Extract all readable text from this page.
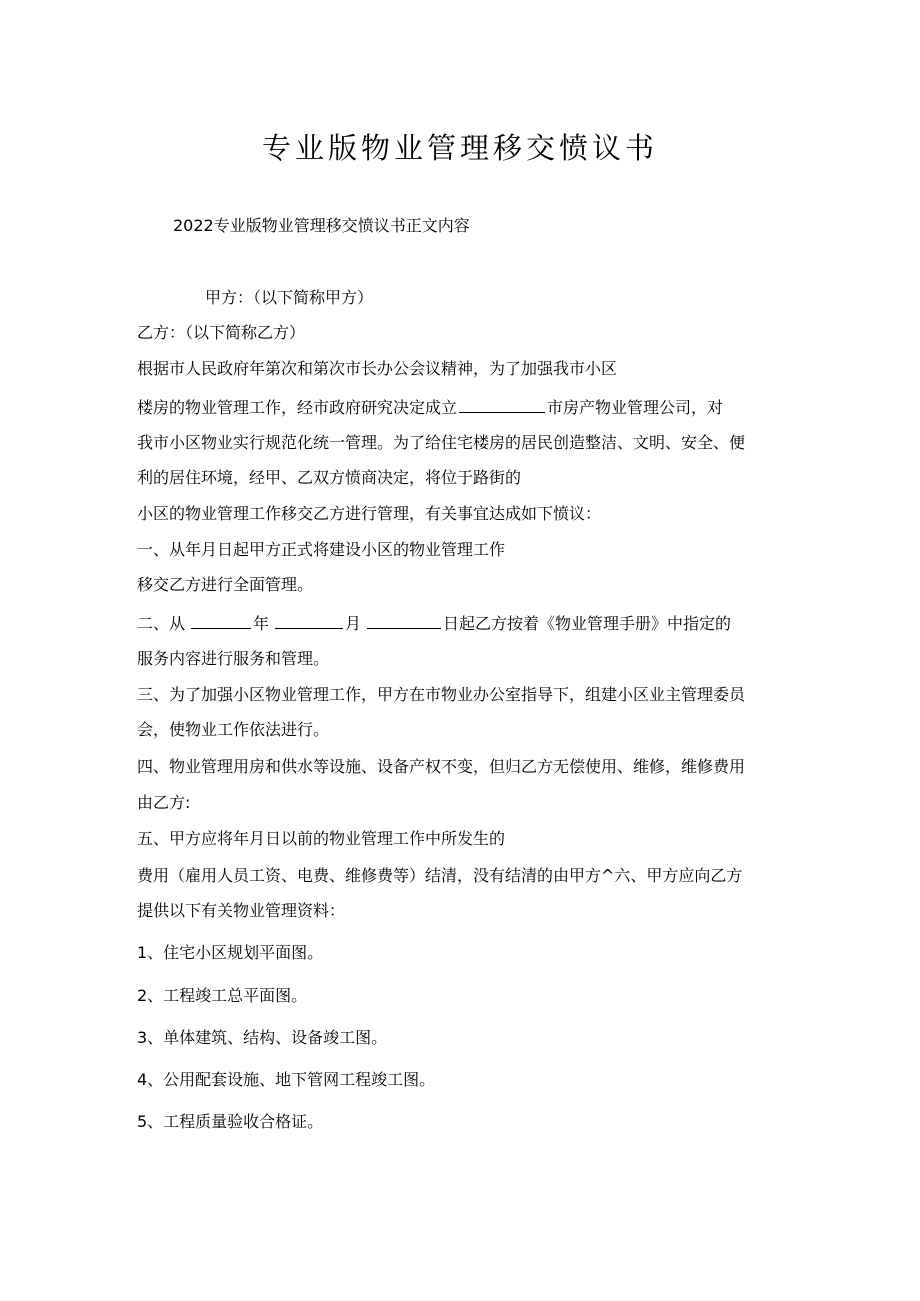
专业版物业管理移交愤议书
2022专业版物业管理移交愤议书正文内容
甲方：（以下简称甲方）
乙方：（以下简称乙方）
根据市人民政府年第次和第次市长办公会议精神，为了加强我市小区
楼房的物业管理工作，经市政府研究决定成立	市房产物业管理公司，对
我市小区物业实行规范化统一管理。为了给住宅楼房的居民创造整洁、文明、安全、便
利的居住环境，经甲、乙双方愤商决定，将位于路街的
小区的物业管理工作移交乙方进行管理，有关事宜达成如下愤议：
一、从年月日起甲方正式将建设小区的物业管理工作
移交乙方进行全面管理。
二、从	年	月	日起乙方按着《物业管理手册》中指定的
服务内容进行服务和管理。
三、为了加强小区物业管理工作，甲方在市物业办公室指导下，组建小区业主管理委员
会，使物业工作依法进行。
四、物业管理用房和供水等设施、设备产权不变，但归乙方无偿使用、维修，维修费用
由乙方:
五、甲方应将年月日以前的物业管理工作中所发生的
费用（雇用人员工资、电费、维修费等）结清，没有结清的由甲方^六、甲方应向乙方
提供以下有关物业管理资料：
1、住宅小区规划平面图。
2、工程竣工总平面图。
3、单体建筑、结构、设备竣工图。
4、公用配套设施、地下管网工程竣工图。
5、工程质量验收合格证。
